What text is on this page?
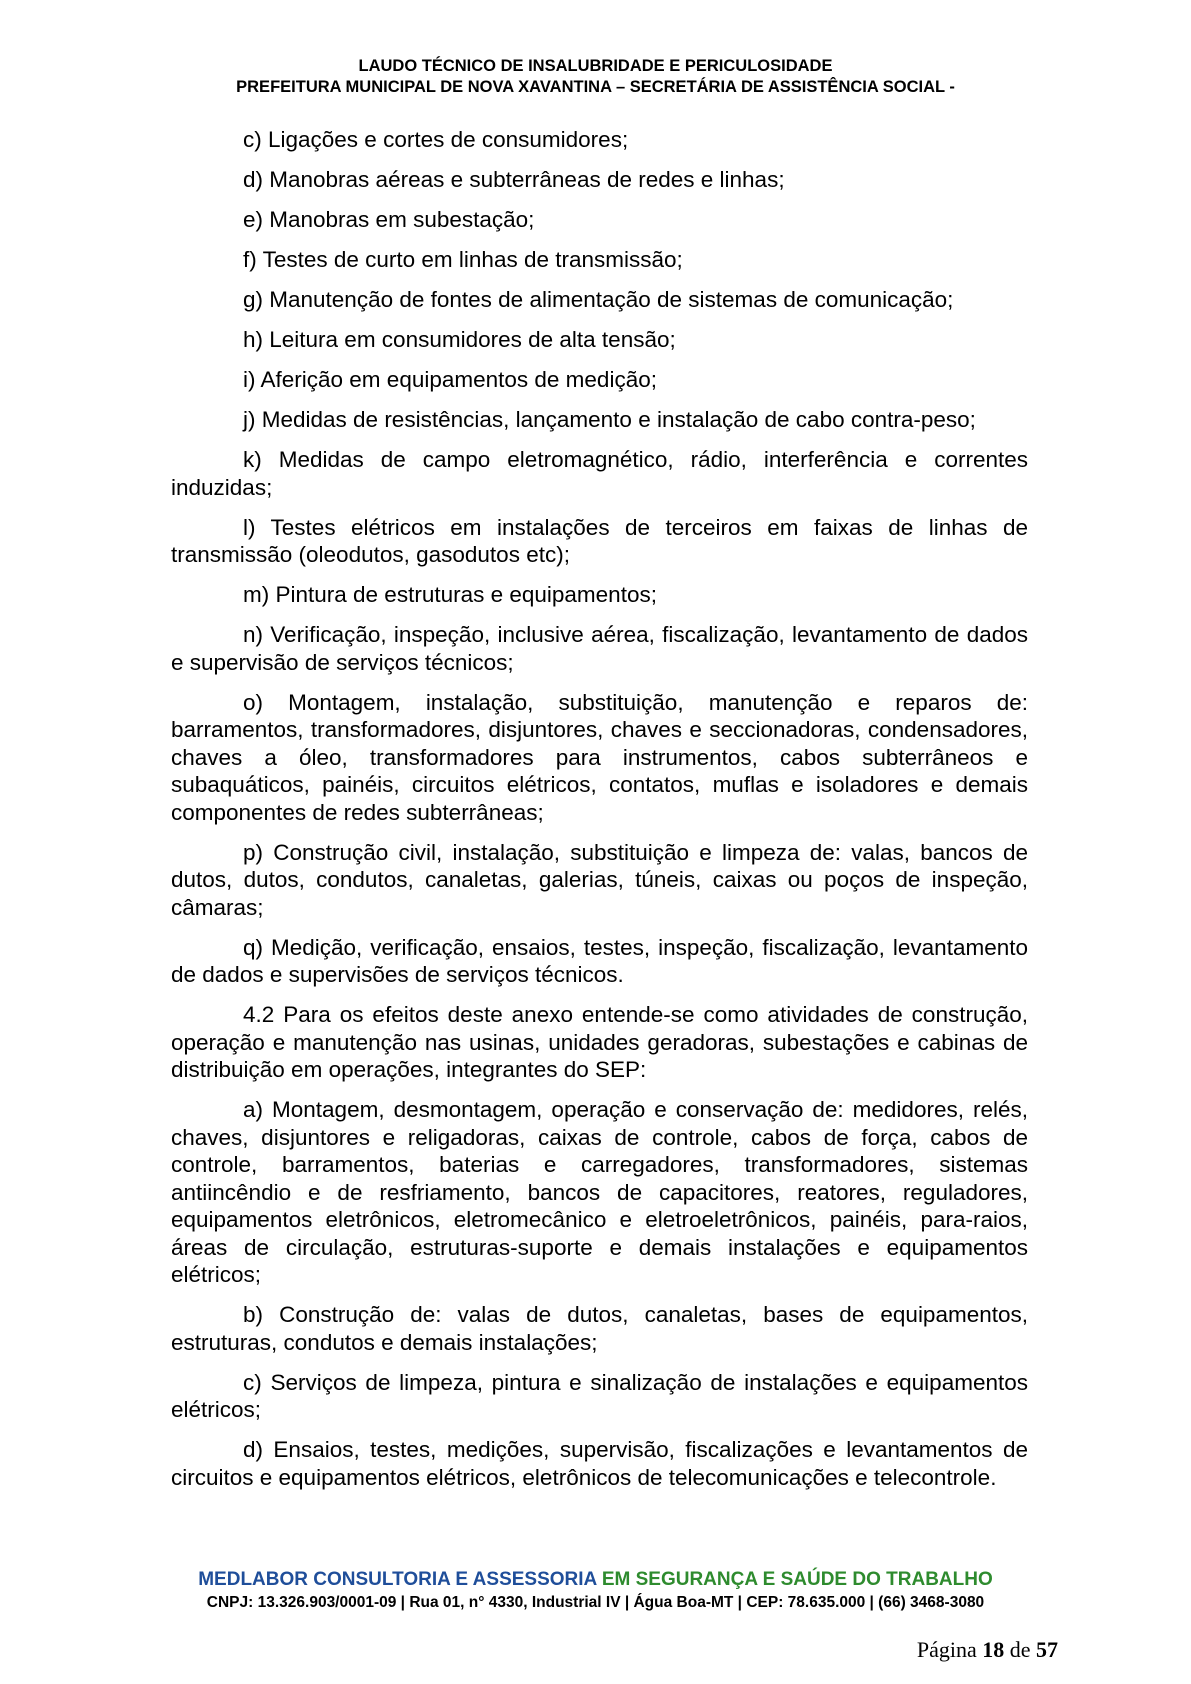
LAUDO TÉCNICO DE INSALUBRIDADE E PERICULOSIDADE
PREFEITURA MUNICIPAL DE NOVA XAVANTINA – SECRETÁRIA DE ASSISTÊNCIA SOCIAL -

c) Ligações e cortes de consumidores;

d) Manobras aéreas e subterrâneas de redes e linhas;

e) Manobras em subestação;

f) Testes de curto em linhas de transmissão;

g) Manutenção de fontes de alimentação de sistemas de comunicação;

h) Leitura em consumidores de alta tensão;

i) Aferição em equipamentos de medição;

j) Medidas de resistências, lançamento e instalação de cabo contra-peso;

k) Medidas de campo eletromagnético, rádio, interferência e correntes induzidas;

l) Testes elétricos em instalações de terceiros em faixas de linhas de transmissão (oleodutos, gasodutos etc);

m) Pintura de estruturas e equipamentos;

n) Verificação, inspeção, inclusive aérea, fiscalização, levantamento de dados e supervisão de serviços técnicos;

o) Montagem, instalação, substituição, manutenção e reparos de: barramentos, transformadores, disjuntores, chaves e seccionadoras, condensadores, chaves a óleo, transformadores para instrumentos, cabos subterrâneos e subaquáticos, painéis, circuitos elétricos, contatos, muflas e isoladores e demais componentes de redes subterrâneas;

p) Construção civil, instalação, substituição e limpeza de: valas, bancos de dutos, dutos, condutos, canaletas, galerias, túneis, caixas ou poços de inspeção, câmaras;

q) Medição, verificação, ensaios, testes, inspeção, fiscalização, levantamento de dados e supervisões de serviços técnicos.

4.2 Para os efeitos deste anexo entende-se como atividades de construção, operação e manutenção nas usinas, unidades geradoras, subestações e cabinas de distribuição em operações, integrantes do SEP:

a) Montagem, desmontagem, operação e conservação de: medidores, relés, chaves, disjuntores e religadoras, caixas de controle, cabos de força, cabos de controle, barramentos, baterias e carregadores, transformadores, sistemas antiincêndio e de resfriamento, bancos de capacitores, reatores, reguladores, equipamentos eletrônicos, eletromecânico e eletroeletrônicos, painéis, para-raios, áreas de circulação, estruturas-suporte e demais instalações e equipamentos elétricos;

b) Construção de: valas de dutos, canaletas, bases de equipamentos, estruturas, condutos e demais instalações;

c) Serviços de limpeza, pintura e sinalização de instalações e equipamentos elétricos;

d) Ensaios, testes, medições, supervisão, fiscalizações e levantamentos de circuitos e equipamentos elétricos, eletrônicos de telecomunicações e telecontrole.

MEDLABOR CONSULTORIA E ASSESSORIA EM SEGURANÇA E SAÚDE DO TRABALHO
CNPJ: 13.326.903/0001-09 | Rua 01, n° 4330, Industrial IV | Água Boa-MT | CEP: 78.635.000 | (66) 3468-3080
Página 18 de 57
